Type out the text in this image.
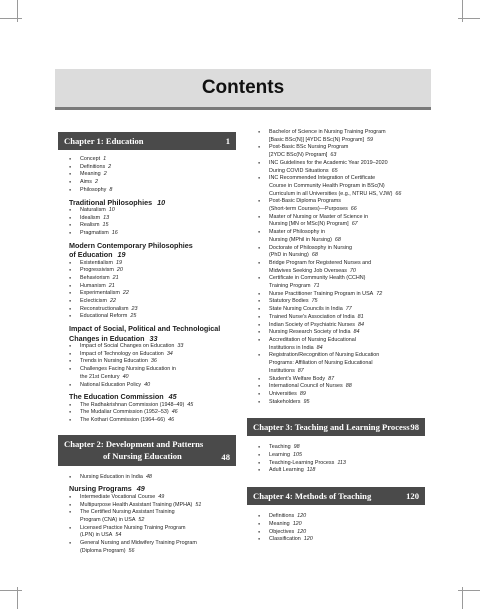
Contents
Chapter 1: Education	1
● Concept 1
● Definitions 2
● Meaning 2
● Aims 2
● Philosophy 8
Traditional Philosophies 10
● Naturalism 10
● Idealism 13
● Realism 15
● Pragmatism 16
Modern Contemporary Philosophies
of Education 19
● Existentialism 19
● Progressivism 20
● Behaviorism 21
● Humanism 21
● Experimentalism 22
● Eclecticism 22
● Reconstructionalism 23
● Educational Reform 25
Impact of Social, Political and Technological
Changes in Education 33
● Impact of Social Changes on Education 33
● Impact of Technology on Education 34
● Trends in Nursing Education 36
● Challenges Facing Nursing Education in
the 21st Century 40
● National Education Policy 40
The Education Commission 45
● The Radhakrishnan Commission (1948–49) 45
● The Mudaliar Commission (1952–53) 46
● The Kothari Commission (1964–66) 46
Chapter 2: Development and Patterns
of Nursing Education	48
● Nursing Education in India 48
Nursing Programs 49
● Intermediate Vocational Course 49
● Multipurpose Health Assistant Training (MPHA) 51
● The Certified Nursing Assistant Training
Program (CNA) in USA 52
● Licensed Practice Nursing Training Program
(LPN) in USA 54
● General Nursing and Midwifery Training Program
(Diploma Program) 56
● Bachelor of Science in Nursing Training Program
[Basic BSc(N)] [4YDC BSc(N) Program] 59
● Post-Basic BSc Nursing Program
[2YDC BSc(N) Program] 63
● INC Guidelines for the Academic Year 2019–2020
During COVID Situations 65
● INC Recommended Integration of Certificate
Course in Community Health Program in BSc(N)
Curriculum in all Universities (e.g., NTRU HS, VJW) 66
● Post-Basic Diploma Programs
(Short-term Courses)—Purposes 66
● Master of Nursing or Master of Science in
Nursing [MN or MSc(N) Program] 67
● Master of Philosophy in
Nursing (MPhil in Nursing) 68
● Doctorate of Philosophy in Nursing
(PhD in Nursing) 68
● Bridge Program for Registered Nurses and
Midwives Seeking Job Overseas 70
● Certificate in Community Health (CCHN)
Training Program 71
● Nurse Practitioner Training Program in USA 72
● Statutory Bodies 75
● State Nursing Councils in India 77
● Trained Nurse's Association of India 81
● Indian Society of Psychiatric Nurses 84
● Nursing Research Society of India 84
● Accreditation of Nursing Educational
Institutions in India 84
● Registration/Recognition of Nursing Education
Programs: Affiliation of Nursing Educational
Institutions 87
● Student's Welfare Body 87
● International Council of Nurses 88
● Universities 89
● Stakeholders 95
Chapter 3: Teaching and Learning Process 98
● Teaching 98
● Learning 105
● Teaching-Learning Process 113
● Adult Learning 118
Chapter 4: Methods of Teaching	120
● Definitions 120
● Meaning 120
● Objectives 120
● Classification 120
